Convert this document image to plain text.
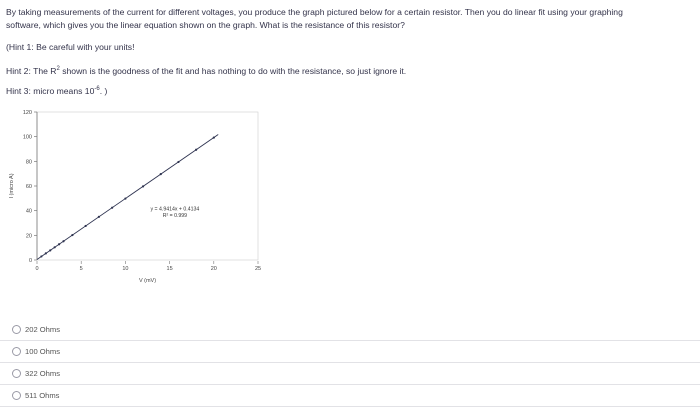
By taking measurements of the current for different voltages, you produce the graph pictured below for a certain resistor. Then you do linear fit using your graphing

software, which gives you the linear equation shown on the graph. What is the resistance of this resistor?

(Hint 1: Be careful with your units!
Hint 2: The $R^2$ shown is the goodness of the fit and has nothing to do with the resistance, so just ignore it.
Hint 3: micro means $10^{-6}$. )
0
20
40
60
80
100
120
0	5	10	15	20	25
V (mV)
I (micro A)
y = 4.9414x + 0.4134
R² = 0.999
202 Ohms
100 Ohms
322 Ohms
511 Ohms
